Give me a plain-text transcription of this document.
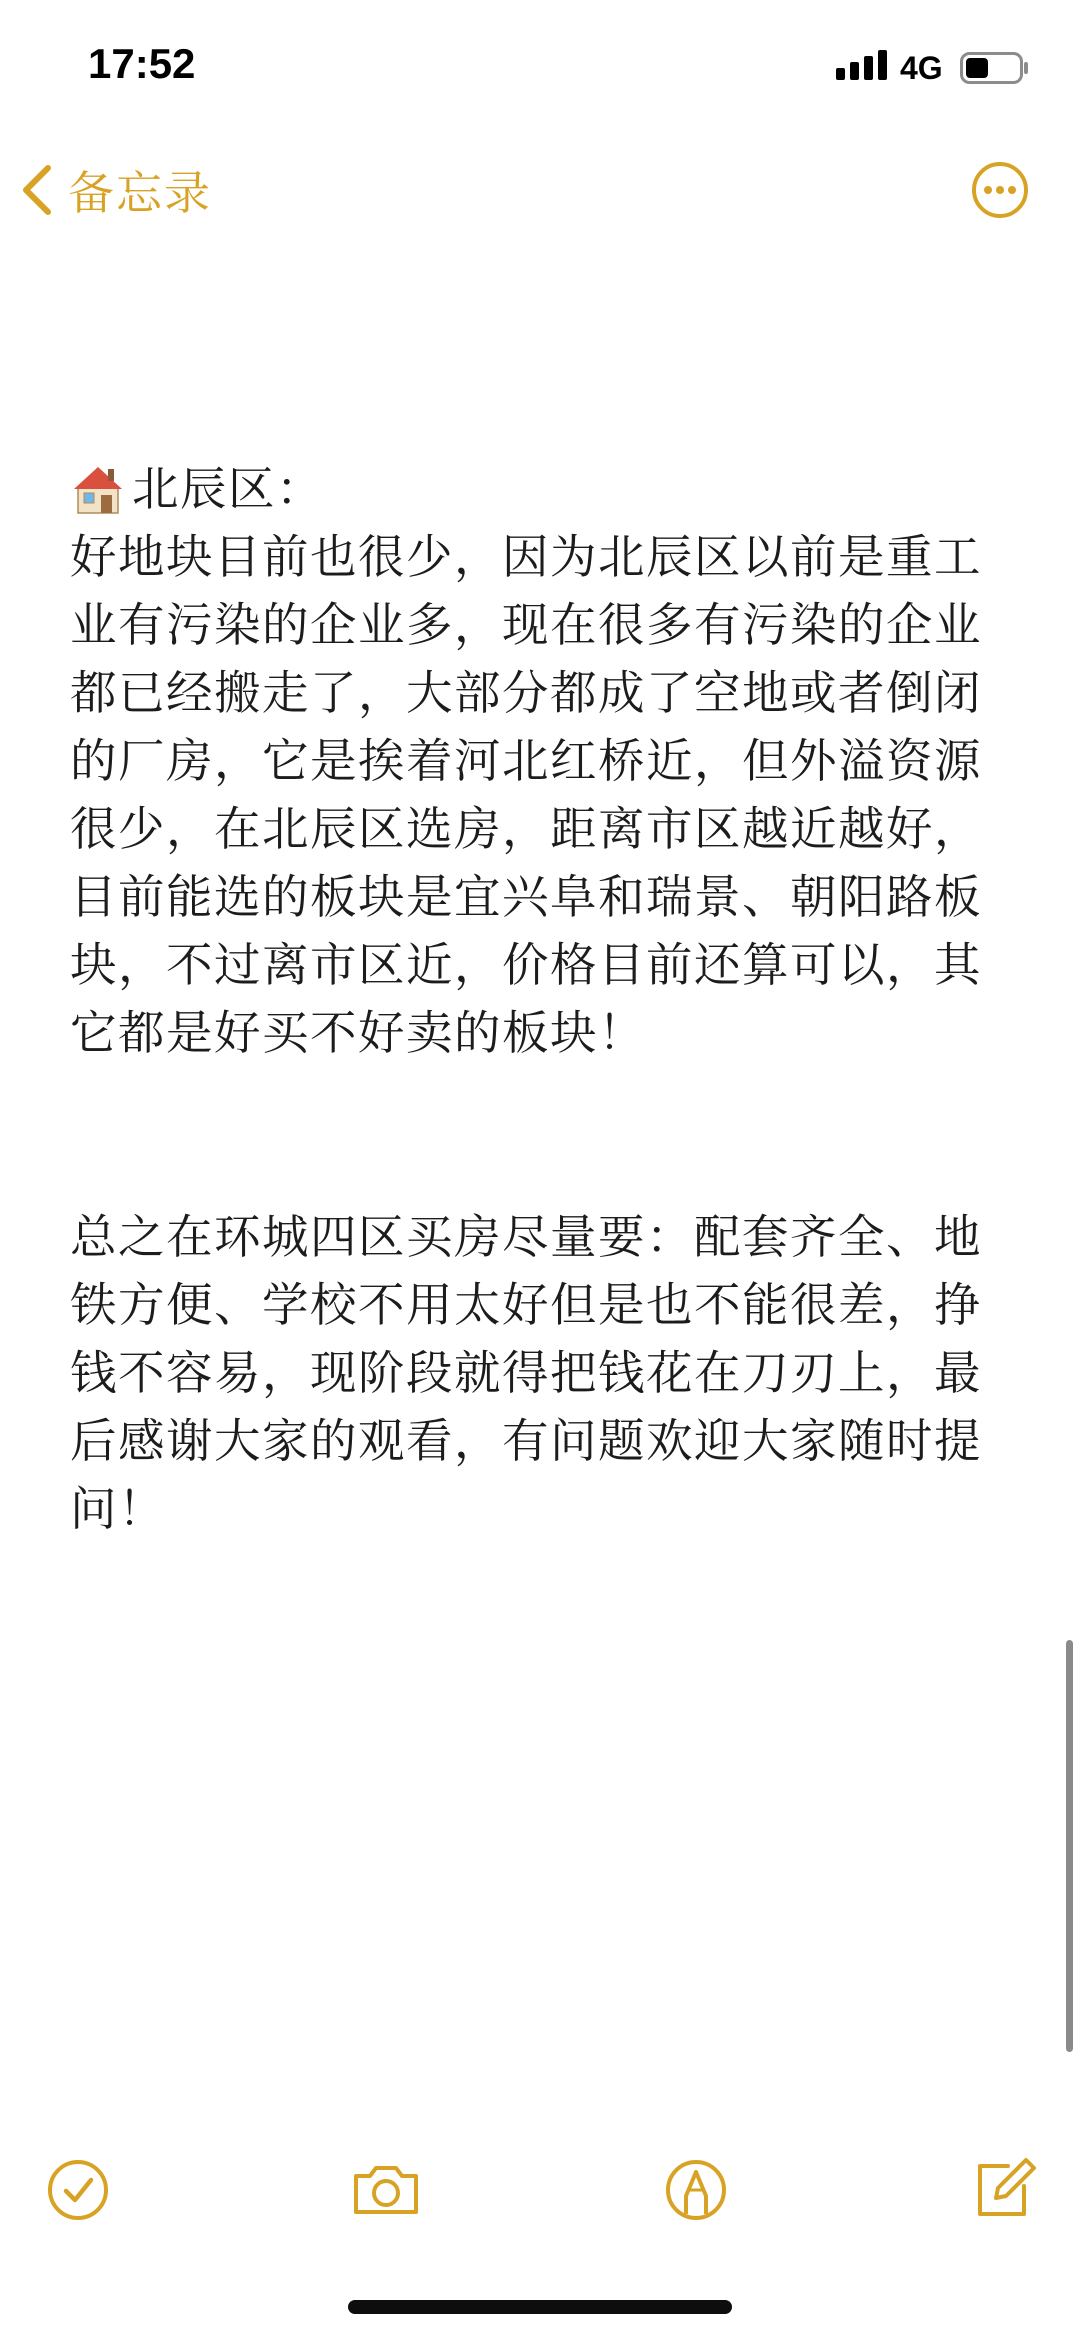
17:52	4G
备忘录
北辰区：

好地块目前也很少，因为北辰区以前是重工业有污染的企业多，现在很多有污染的企业都已经搬走了，大部分都成了空地或者倒闭的厂房，它是挨着河北红桥近，但外溢资源很少，在北辰区选房，距离市区越近越好，目前能选的板块是宜兴阜和瑞景、朝阳路板块，不过离市区近，价格目前还算可以，其它都是好买不好卖的板块！

总之在环城四区买房尽量要：配套齐全、地铁方便、学校不用太好但是也不能很差，挣钱不容易，现阶段就得把钱花在刀刃上，最后感谢大家的观看，有问题欢迎大家随时提问！
